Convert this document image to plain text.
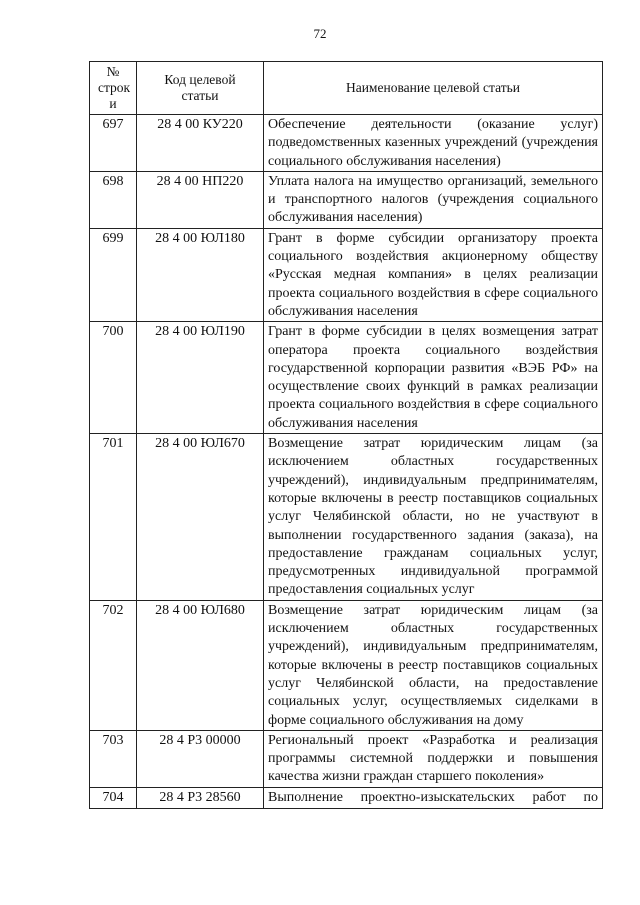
72
№ строк и	Код целевой статьи	Наименование целевой статьи
697	28 4 00 КУ220	Обеспечение деятельности (оказание услуг) подведомственных казенных учреждений (учреждения социального обслуживания населения)
698	28 4 00 НП220	Уплата налога на имущество организаций, земельного и транспортного налогов (учреждения социального обслуживания населения)
699	28 4 00 ЮЛ180	Грант в форме субсидии организатору проекта социального воздействия акционерному обществу «Русская медная компания» в целях реализации проекта социального воздействия в сфере социального обслуживания населения
700	28 4 00 ЮЛ190	Грант в форме субсидии в целях возмещения затрат оператора проекта социального воздействия государственной корпорации развития «ВЭБ РФ» на осуществление своих функций в рамках реализации проекта социального воздействия в сфере социального обслуживания населения
701	28 4 00 ЮЛ670	Возмещение затрат юридическим лицам (за исключением областных государственных учреждений), индивидуальным предпринимателям, которые включены в реестр поставщиков социальных услуг Челябинской области, но не участвуют в выполнении государственного задания (заказа), на предоставление гражданам социальных услуг, предусмотренных индивидуальной программой предоставления социальных услуг
702	28 4 00 ЮЛ680	Возмещение затрат юридическим лицам (за исключением областных государственных учреждений), индивидуальным предпринимателям, которые включены в реестр поставщиков социальных услуг Челябинской области, на предоставление социальных услуг, осуществляемых сиделками в форме социального обслуживания на дому
703	28 4 Р3 00000	Региональный проект «Разработка и реализация программы системной поддержки и повышения качества жизни граждан старшего поколения»
704	28 4 Р3 28560	Выполнение проектно-изыскательских работ по
